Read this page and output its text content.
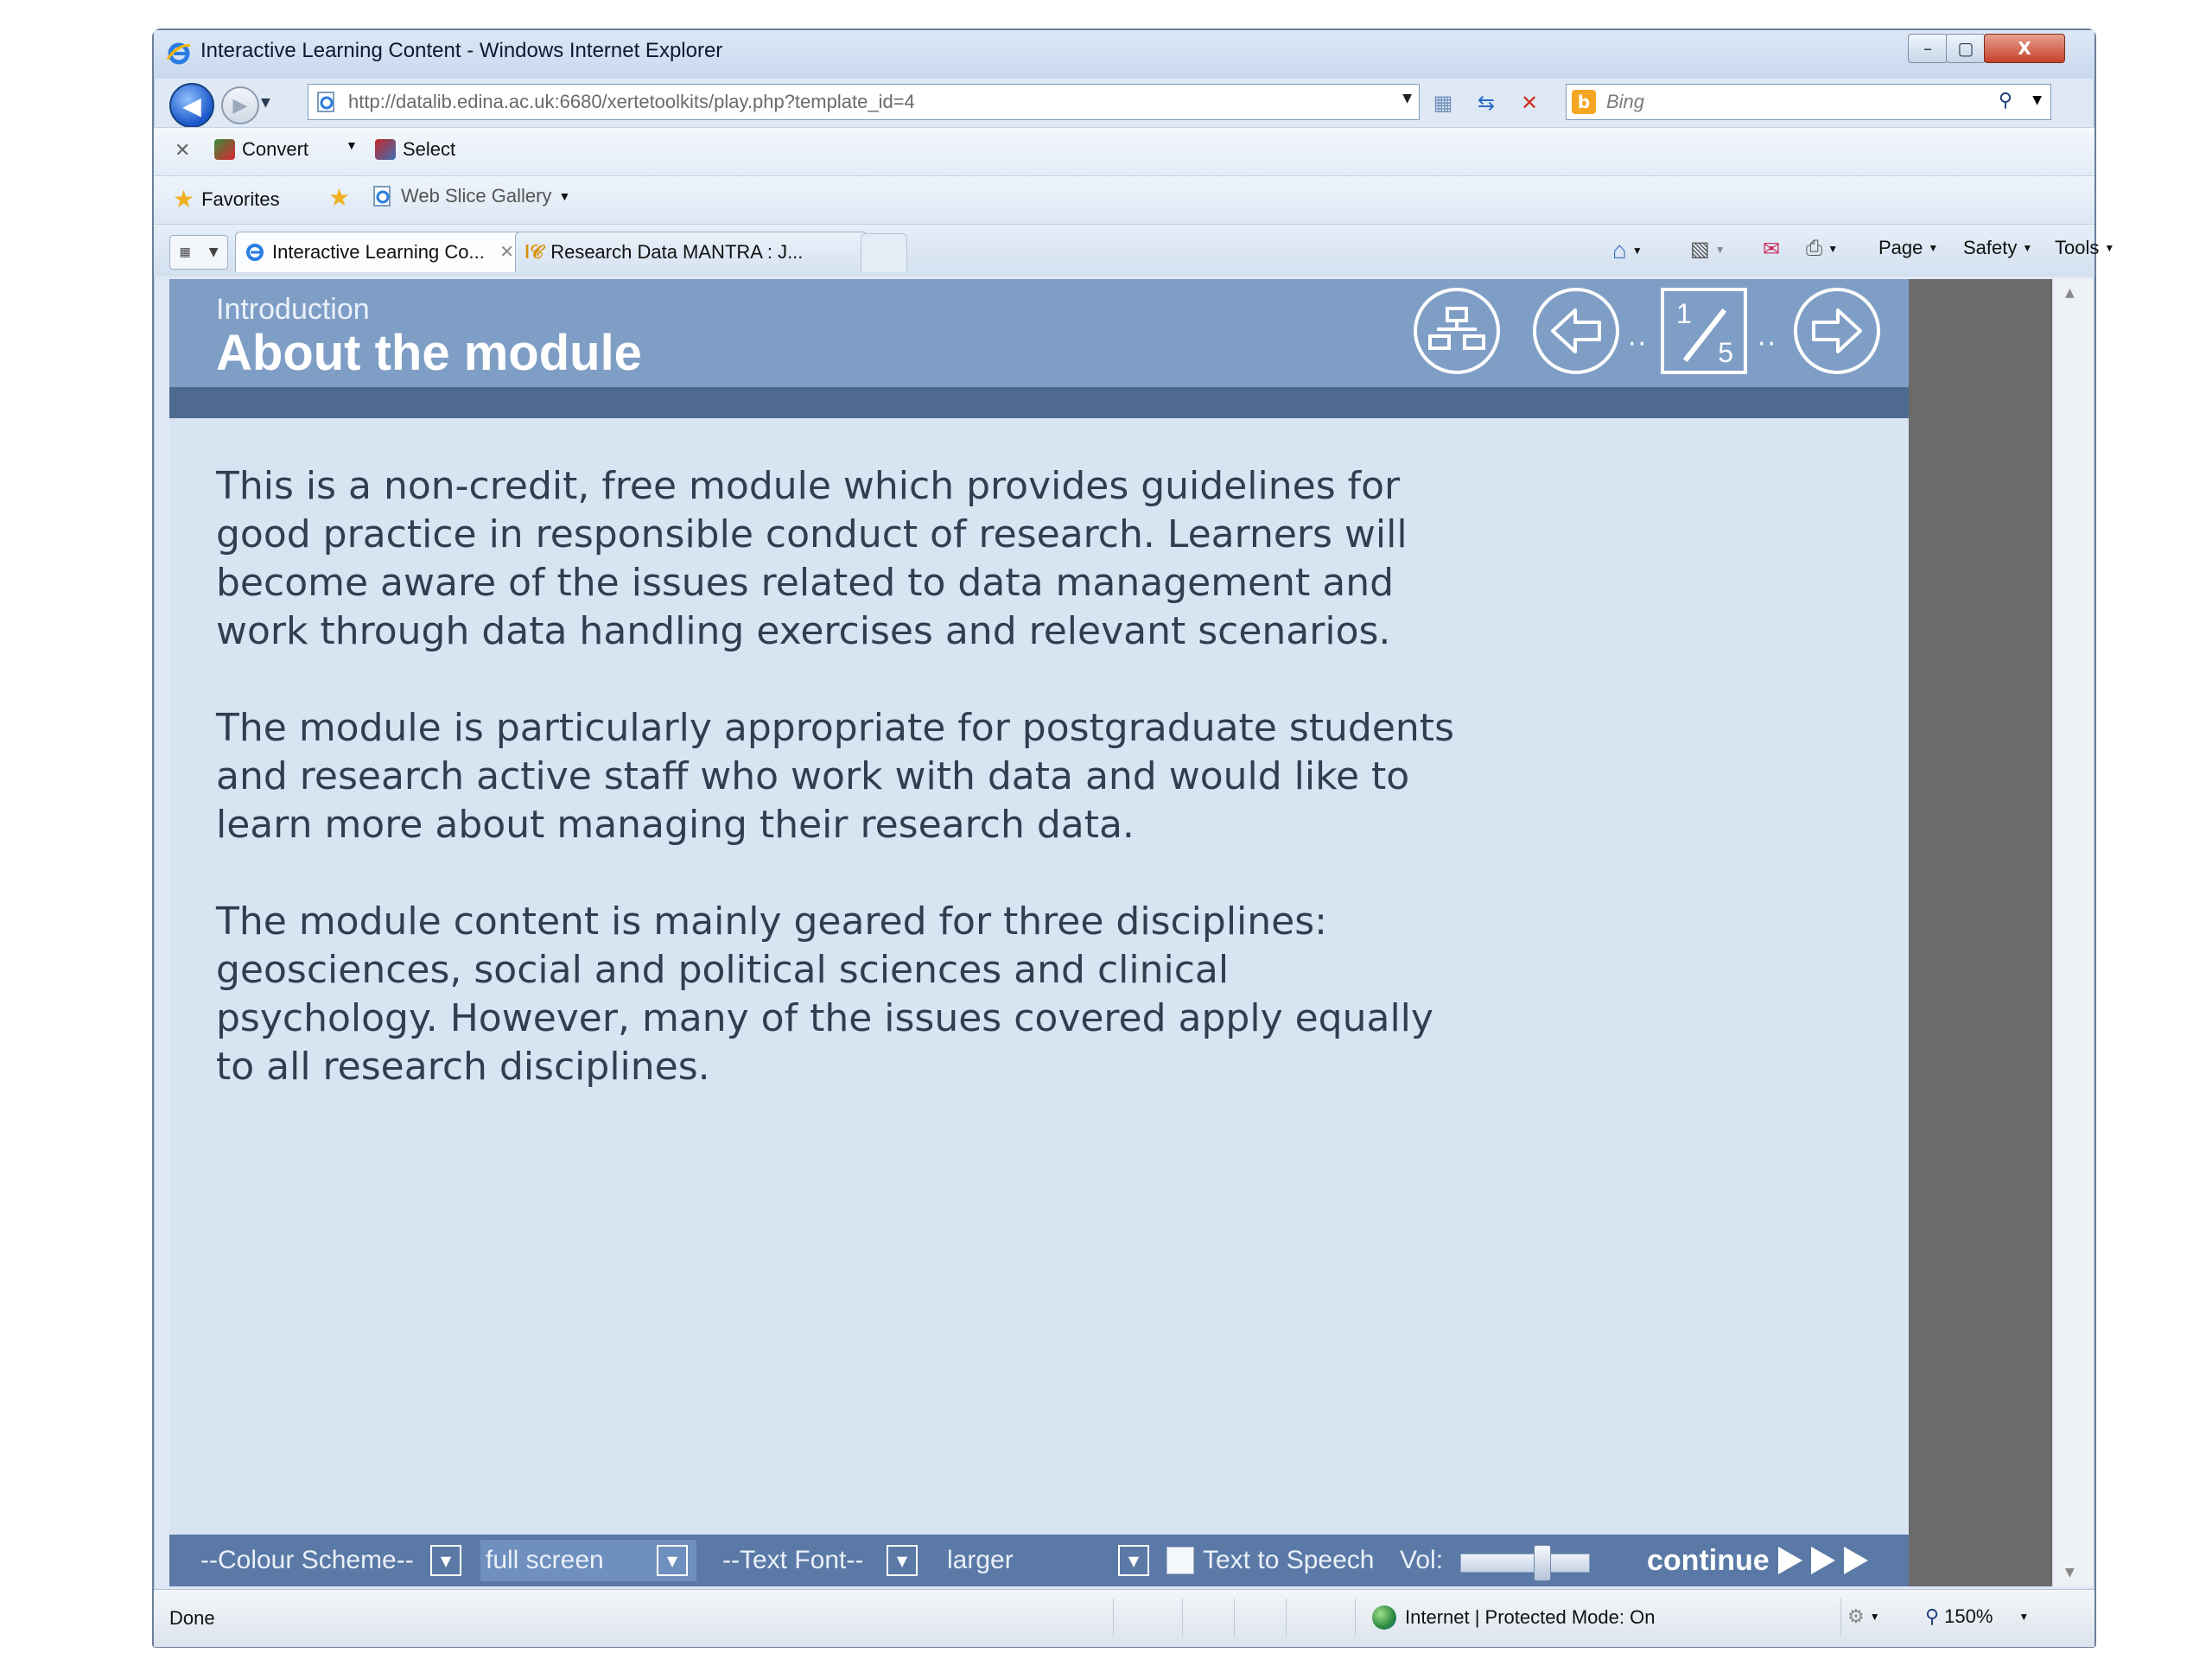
Interactive Learning Content - Windows Internet Explorer	–	▢	X
◀ ▶ ▼	http://datalib.edina.ac.uk:6680/xertetoolkits/play.php?template_id=4	▼ ▦	⇆	✕	b Bing	⚲ ▼
✕	Convert	▼ Select
★ Favorites ★	Web Slice Gallery ▼
▦ ▼	Interactive Learning Co... ✕ ǀ𝒞 Research Data MANTRA : J...	⌂ ▼ ▧ ▼ ✉ ⎙ ▼ Page ▼ Safety ▼ Tools ▼
Introduction
About the module	··
1
5 ··

This is a non-credit, free module which provides guidelines for good practice in responsible conduct of research. Learners will become aware of the issues related to data management and work through data handling exercises and relevant scenarios.

The module is particularly appropriate for postgraduate students and research active staff who work with data and would like to learn more about managing their research data.

The module content is mainly geared for three disciplines: geosciences, social and political sciences and clinical psychology. However, many of the issues covered apply equally to all research disciplines.

--Colour Scheme--	▼	full screen	▼	--Text Font--	▼	larger	▼	Text to Speech Vol:	continue
▲
▼
Done	Internet | Protected Mode: On	⚙ ▼ ⚲ 150%	▼
